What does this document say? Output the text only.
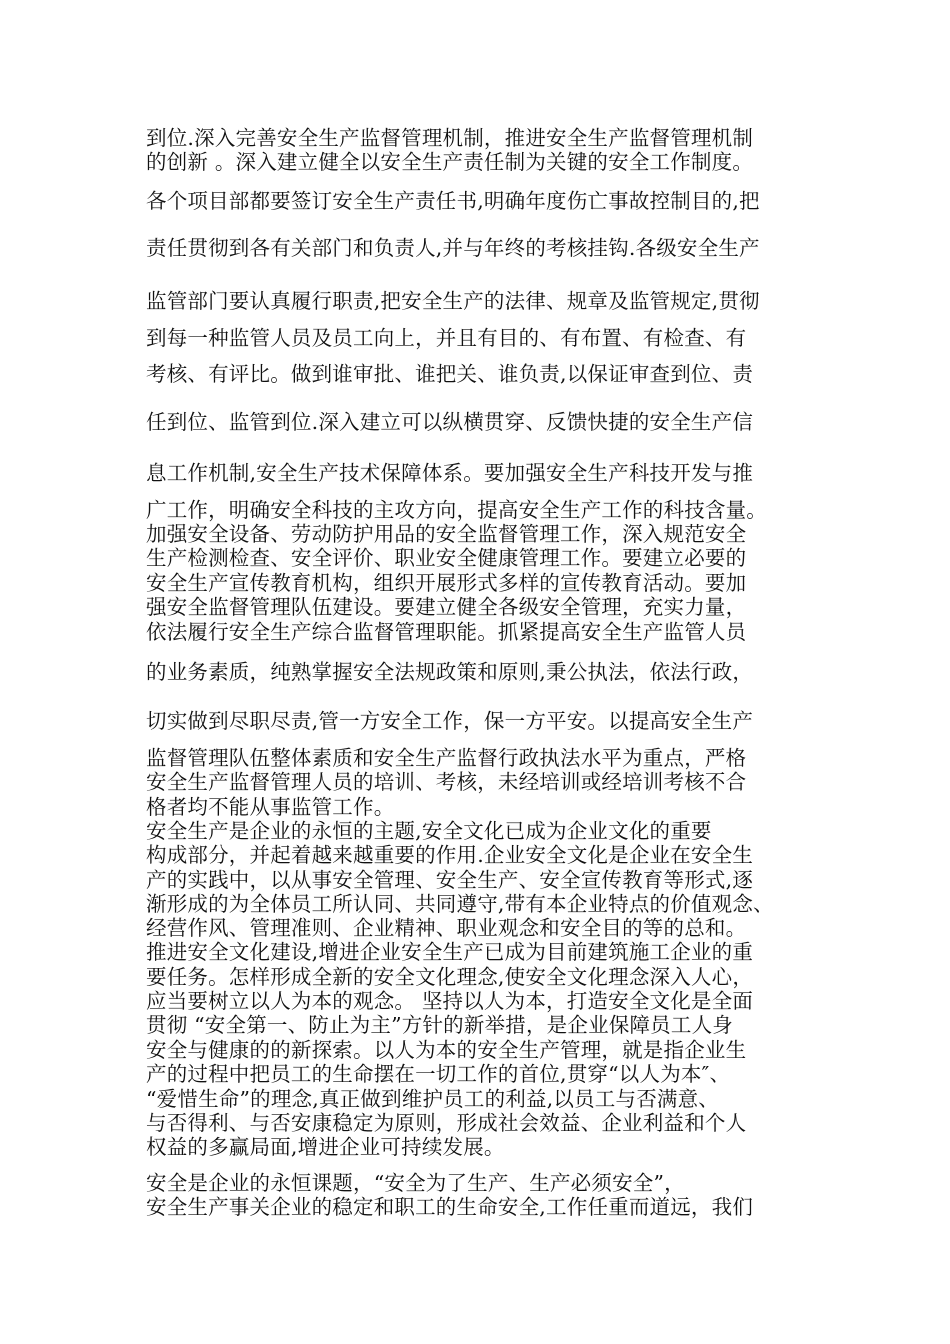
到位.深入完善安全生产监督管理机制，推进安全生产监督管理机制
的创新 。深入建立健全以安全生产责任制为关键的安全工作制度。
各个项目部都要签订安全生产责任书,明确年度伤亡事故控制目的,把
责任贯彻到各有关部门和负责人,并与年终的考核挂钩.各级安全生产
监管部门要认真履行职责,把安全生产的法律、规章及监管规定,贯彻
到每一种监管人员及员工向上，并且有目的、有布置、有检查、有
考核、有评比。做到谁审批、谁把关、谁负责,以保证审查到位、责
任到位、监管到位.深入建立可以纵横贯穿、反馈快捷的安全生产信
息工作机制,安全生产技术保障体系。要加强安全生产科技开发与推
广工作，明确安全科技的主攻方向，提高安全生产工作的科技含量。
加强安全设备、劳动防护用品的安全监督管理工作，深入规范安全
生产检测检查、安全评价、职业安全健康管理工作。要建立必要的
安全生产宣传教育机构，组织开展形式多样的宣传教育活动。要加
强安全监督管理队伍建设。要建立健全各级安全管理，充实力量，
依法履行安全生产综合监督管理职能。抓紧提高安全生产监管人员
的业务素质，纯熟掌握安全法规政策和原则,秉公执法，依法行政，
切实做到尽职尽责,管一方安全工作，保一方平安。以提高安全生产
监督管理队伍整体素质和安全生产监督行政执法水平为重点，严格
安全生产监督管理人员的培训、考核，未经培训或经培训考核不合
格者均不能从事监管工作。
安全生产是企业的永恒的主题,安全文化已成为企业文化的重要
构成部分，并起着越来越重要的作用.企业安全文化是企业在安全生
产的实践中，以从事安全管理、安全生产、安全宣传教育等形式,逐
渐形成的为全体员工所认同、共同遵守,带有本企业特点的价值观念、
经营作风、管理准则、企业精神、职业观念和安全目的等的总和。
推进安全文化建设,增进企业安全生产已成为目前建筑施工企业的重
要任务。怎样形成全新的安全文化理念,使安全文化理念深入人心，
应当要树立以人为本的观念。 坚持以人为本，打造安全文化是全面
贯彻 “安全第一、防止为主”方针的新举措，是企业保障员工人身
安全与健康的的新探索。以人为本的安全生产管理，就是指企业生
产的过程中把员工的生命摆在一切工作的首位,贯穿“以人为本″、
“爱惜生命”的理念,真正做到维护员工的利益,以员工与否满意、
与否得利、与否安康稳定为原则，形成社会效益、企业利益和个人
权益的多赢局面,增进企业可持续发展。
安全是企业的永恒课题，“安全为了生产、生产必须安全”，
安全生产事关企业的稳定和职工的生命安全,工作任重而道远，我们
